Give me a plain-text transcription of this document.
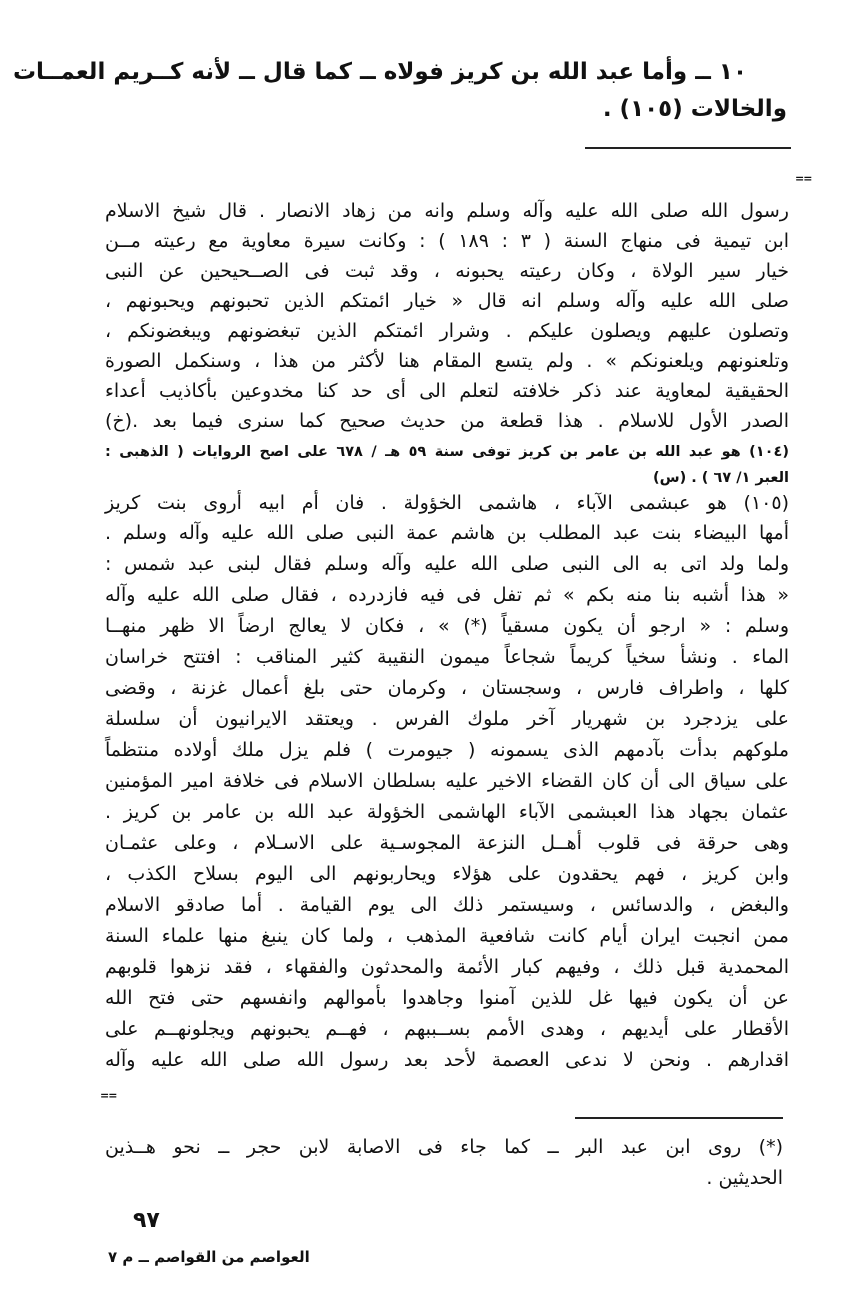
١٠ ــ وأما عبد الله بن كريز فولاه ــ كما قال ــ لأنه كــريم العمــات
والخالات (١٠٥) .
==
رسول الله صلى الله عليه وآله وسلم وانه من زهاد الانصار . قال شيخ الاسلام
ابن تيمية فى منهاج السنة ( ٣ : ١٨٩ ) : وكانت سيرة معاوية مع رعيته مــن
خيار سير الولاة ، وكان رعيته يحبونه ، وقد ثبت فى الصــحيحين عن النبى
صلى الله عليه وآله وسلم انه قال « خيار ائمتكم الذين تحبونهم ويحبونهم ،
وتصلون عليهم ويصلون عليكم . وشرار ائمتكم الذين تبغضونهم ويبغضونكم ،
وتلعنونهم ويلعنونكم » . ولم يتسع المقام هنا لأكثر من هذا ، وسنكمل الصورة
الحقيقية لمعاوية عند ذكر خلافته لتعلم الى أى حد كنا مخدوعين بأكاذيب أعداء
الصدر الأول للاسلام . هذا قطعة من حديث صحيح كما سنرى فيما بعد .(خ)
(١٠٤) هو عبد الله بن عامر بن كريز توفى سنة ٥٩ هـ / ٦٧٨ على اصح الروايات ( الذهبى :
العبر ١/ ٦٧ ) . (س)
(١٠٥) هو عبشمى الآباء ، هاشمى الخؤولة . فان أم ابيه أروى بنت كريز
أمها البيضاء بنت عبد المطلب بن هاشم عمة النبى صلى الله عليه وآله وسلم .
ولما ولد اتى به الى النبى صلى الله عليه وآله وسلم فقال لبنى عبد شمس :
« هذا أشبه بنا منه بكم » ثم تفل فى فيه فازدرده ، فقال صلى الله عليه وآله
وسلم : « ارجو أن يكون مسقياً (*) » ، فكان لا يعالج ارضاً الا ظهر منهــا
الماء . ونشأ سخياً كريماً شجاعاً ميمون النقيبة كثير المناقب : افتتح خراسان
كلها ، واطراف فارس ، وسجستان ، وكرمان حتى بلغ أعمال غزنة ، وقضى
على يزدجرد بن شهريار آخر ملوك الفرس . ويعتقد الايرانيون أن سلسلة
ملوكهم بدأت بآدمهم الذى يسمونه ( جيومرت ) فلم يزل ملك أولاده منتظماً
على سياق الى أن كان القضاء الاخير عليه بسلطان الاسلام فى خلافة امير المؤمنين
عثمان بجهاد هذا العبشمى الآباء الهاشمى الخؤولة عبد الله بن عامر بن كريز .
وهى حرقة فى قلوب أهــل النزعة المجوسـية على الاسـلام ، وعلى عثمـان
وابن كريز ، فهم يحقدون على هؤلاء ويحاربونهم الى اليوم بسلاح الكذب ،
والبغض ، والدسائس ، وسيستمر ذلك الى يوم القيامة . أما صادقو الاسلام
ممن انجبت ايران أيام كانت شافعية المذهب ، ولما كان ينبغ منها علماء السنة
المحمدية قبل ذلك ، وفيهم كبار الأئمة والمحدثون والفقهاء ، فقد نزهوا قلوبهم
عن أن يكون فيها غل للذين آمنوا وجاهدوا بأموالهم وانفسهم حتى فتح الله
الأقطار على أيديهم ، وهدى الأمم بســببهم ، فهــم يحبونهم ويجلونهــم على
اقدارهم . ونحن لا ندعى العصمة لأحد بعد رسول الله صلى الله عليه وآله
==
(*) روى ابن عبد البر ــ كما جاء فى الاصابة لابن حجر ــ نحو هــذين
الحديثين .
٩٧
العواصم من القواصم ــ م ٧
